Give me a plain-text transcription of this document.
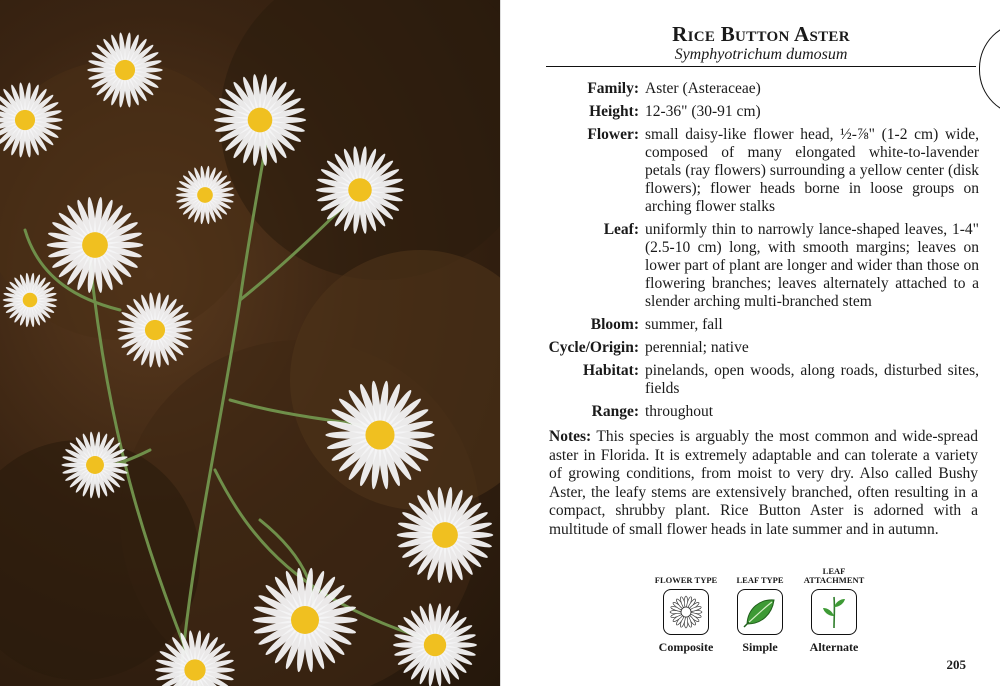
Rice Button Aster
Symphyotrichum dumosum
Family: Aster (Asteraceae)
Height: 12-36" (30-91 cm)
Flower: small daisy-like flower head, ½-⅞" (1-2 cm) wide, composed of many elongated white-to-lavender petals (ray flowers) surrounding a yellow center (disk flowers); flower heads borne in loose groups on arching flower stalks
Leaf: uniformly thin to narrowly lance-shaped leaves, 1-4" (2.5-10 cm) long, with smooth margins; leaves on lower part of plant are longer and wider than those on flowering branches; leaves alternately attached to a slender arching multi-branched stem
Bloom: summer, fall
Cycle/Origin: perennial; native
Habitat: pinelands, open woods, along roads, disturbed sites, fields
Range: throughout
Notes: This species is arguably the most common and wide-spread aster in Florida. It is extremely adaptable and can tolerate a variety of growing conditions, from moist to very dry. Also called Bushy Aster, the leafy stems are extensively branched, often resulting in a compact, shrubby plant. Rice Button Aster is adorned with a multitude of small flower heads in late summer and in autumn.
FLOWER TYPE
Composite
LEAF TYPE
Simple
LEAF ATTACHMENT
Alternate
205
